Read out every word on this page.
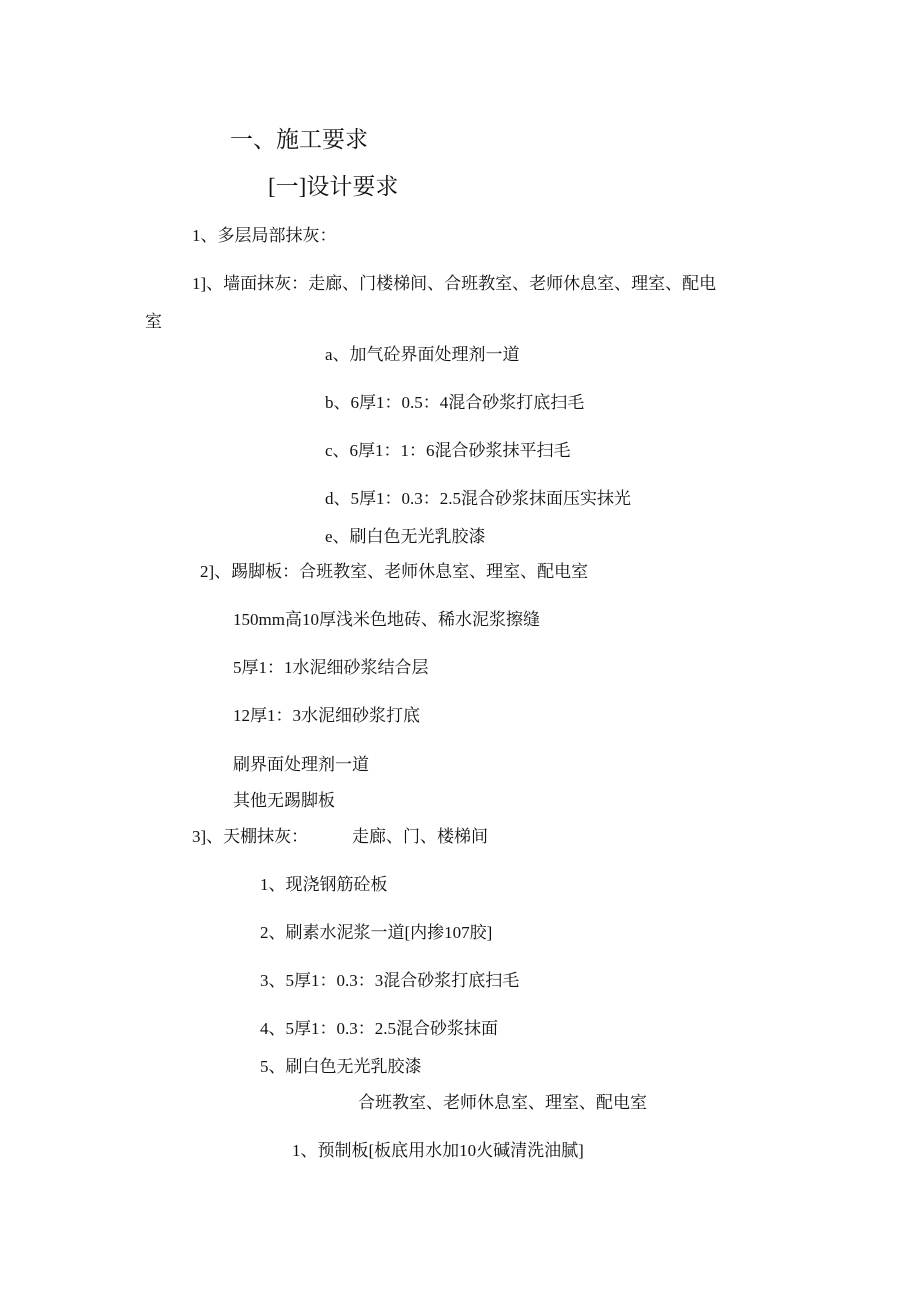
一、施工要求
[一]设计要求
1、多层局部抹灰：
1]、墙面抹灰：走廊、门楼梯间、合班教室、老师休息室、理室、配电
室
a、加气砼界面处理剂一道
b、6厚1：0.5：4混合砂浆打底扫毛
c、6厚1：1：6混合砂浆抹平扫毛
d、5厚1：0.3：2.5混合砂浆抹面压实抹光
e、刷白色无光乳胶漆
2]、踢脚板：合班教室、老师休息室、理室、配电室
150mm高10厚浅米色地砖、稀水泥浆擦缝
5厚1：1水泥细砂浆结合层
12厚1：3水泥细砂浆打底
刷界面处理剂一道
其他无踢脚板
3]、天棚抹灰：	走廊、门、楼梯间
1、现浇钢筋砼板
2、刷素水泥浆一道[内掺107胶]
3、5厚1：0.3：3混合砂浆打底扫毛
4、5厚1：0.3：2.5混合砂浆抹面
5、刷白色无光乳胶漆
合班教室、老师休息室、理室、配电室
1、预制板[板底用水加10火碱清洗油腻]
